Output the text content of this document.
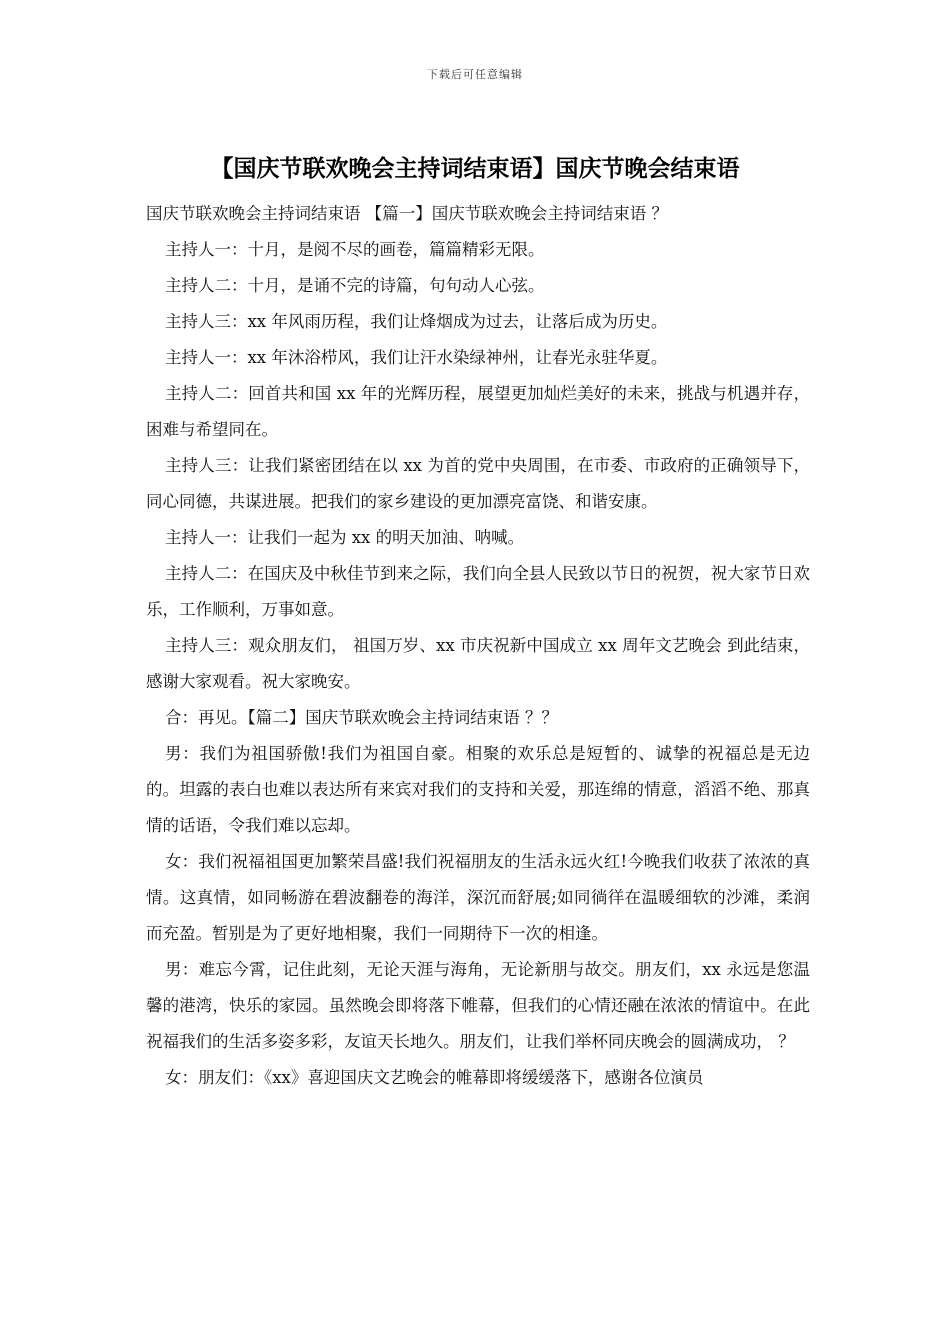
下载后可任意编辑
【国庆节联欢晚会主持词结束语】国庆节晚会结束语

国庆节联欢晚会主持词结束语 【篇一】国庆节联欢晚会主持词结束语 ？

主持人一：十月，是阅不尽的画卷，篇篇精彩无限。

主持人二：十月，是诵不完的诗篇，句句动人心弦。

主持人三：xx 年风雨历程，我们让烽烟成为过去，让落后成为历史。

主持人一：xx 年沐浴栉风，我们让汗水染绿神州，让春光永驻华夏。

主持人二：回首共和国 xx 年的光辉历程，展望更加灿烂美好的未来，挑战与机遇并存，困难与希望同在。

主持人三：让我们紧密团结在以 xx 为首的党中央周围，在市委、市政府的正确领导下，同心同德，共谋进展。把我们的家乡建设的更加漂亮富饶、和谐安康。

主持人一：让我们一起为 xx 的明天加油、呐喊。

主持人二：在国庆及中秋佳节到来之际，我们向全县人民致以节日的祝贺，祝大家节日欢乐，工作顺利，万事如意。

主持人三：观众朋友们， 祖国万岁、xx 市庆祝新中国成立 xx 周年文艺晚会 到此结束，感谢大家观看。祝大家晚安。

合：再见。【篇二】国庆节联欢晚会主持词结束语 ？？

男：我们为祖国骄傲!我们为祖国自豪。相聚的欢乐总是短暂的、诚挚的祝福总是无边的。坦露的表白也难以表达所有来宾对我们的支持和关爱，那连绵的情意，滔滔不绝、那真情的话语，令我们难以忘却。

女：我们祝福祖国更加繁荣昌盛!我们祝福朋友的生活永远火红!今晚我们收获了浓浓的真情。这真情，如同畅游在碧波翻卷的海洋，深沉而舒展;如同徜徉在温暖细软的沙滩，柔润而充盈。暂别是为了更好地相聚，我们一同期待下一次的相逢。

男：难忘今霄，记住此刻，无论天涯与海角，无论新朋与故交。朋友们，xx 永远是您温馨的港湾，快乐的家园。虽然晚会即将落下帷幕，但我们的心情还融在浓浓的情谊中。在此祝福我们的生活多姿多彩，友谊天长地久。朋友们，让我们举杯同庆晚会的圆满成功， ？

女：朋友们：《xx》喜迎国庆文艺晚会的帷幕即将缓缓落下，感谢各位演员
